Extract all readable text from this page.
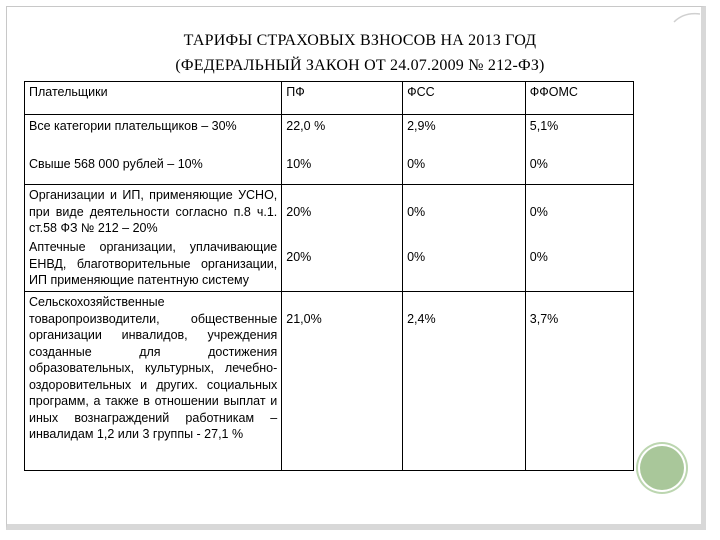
ТАРИФЫ СТРАХОВЫХ ВЗНОСОВ НА 2013 ГОД
(ФЕДЕРАЛЬНЫЙ ЗАКОН ОТ 24.07.2009 № 212-ФЗ)
Плательщики	ПФ	ФСС	ФФОМС
Все категории плательщиков – 30%	22,0 %	2,9%	5,1%
Свыше 568 000 рублей – 10%	10%	0%	0%
Организации и ИП, применяющие УСНО, при виде деятельности согласно п.8 ч.1. ст.58 ФЗ № 212 – 20%	20%	0%	0%

Аптечные организации, уплачивающие ЕНВД, благотворительные организации, ИП применяющие патентную систему	20%	0%	0%

Сельскохозяйственные товаропроизводители, общественные организации инвалидов, учреждения созданные для достижения образовательных, культурных, лечебно-оздоровительных и других. социальных программ, а также в отношении выплат и иных вознаграждений работникам – инвалидам 1,2 или 3 группы - 27,1 %	21,0%	2,4%	3,7%
